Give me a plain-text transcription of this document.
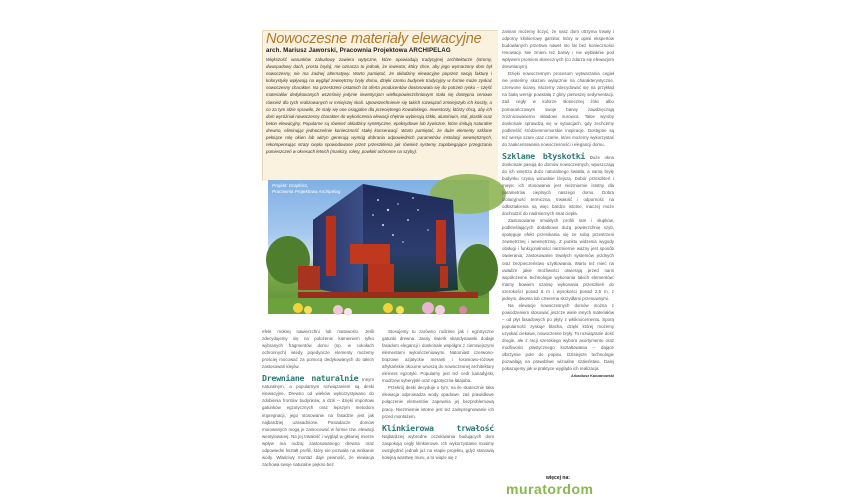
Nowoczesne materiały elewacyjne
arch. Mariusz Jaworski, Pracownia Projektowa ARCHIPELAG
Większość warunków zabudowy zawiera wytyczne, które opowiadają tradycyjnej architekturze (stromy, dwuspadowy dach, prosta bryła), nie oznacza to jednak, że inwestor, który chce, aby jego wymarzony dom był nowoczesny, nie ma żadnej alternatywy. Warto pamiętać, że okładziny elewacyjne poprzez swoją fakturę i kolorystykę wpływają na wygląd zewnętrzny bryły domu, dzięki czemu budynek tradycyjny w formie może zyskać nowoczesny charakter. Na przestrzeni ostatnich lat oferta producentów dostosowała się do potrzeb rynku – część materiałów dedykowanych wcześniej jedynie inwestycjom wielkopowierzchniowym stała się dostępna cenowo również dla tych realizowanych w mniejszej skali. Upowszechnienie się takich rozwiązań zmniejszyło ich koszty, a co za tym idzie sprawiło, że stały się one osiągalne dla przeciętnego Kowalskiego. Inwestorzy, którzy chcą, aby ich dom wyróżniał nowoczesny charakter do wykończenia elewacji chętnie wybierają szkło, aluminium, stal, plastik oraz beton elewacyjny. Popularne są również okładziny syntetyczne, epoksydowe lub żywiczne, które imitują naturalne drewno, eliminując jednocześnie konieczność stałej konserwacji. Warto pamiętać, że duże elementy szklane pełniące rolę okien lub witryn generują wymóg dobrania odpowiednich parametrów instalacji wewnętrznych, rekompensując straty ciepła spowodowane przez przeszklenia jak również systemy zapobiegające przegrzaniu pomieszczeń w okresach letnich (markizy, rolety, powłoki ochronne na szyby).
Projekt: Graphics,
Pracownia Projektowa Archipelag

efekt mokrej nawierzchni lub matowości. Jeśli zdecydujemy się na położenie kamieniem tylko wybranych fragmentów domu (np. w cokołach ochronnych) wtedy pojedyncze elementy możemy prościej mocować za pomocą dedykowanych do takich zastosowań klejów.

Drewniane naturalnie Innym naturalnym, a popularnym rozwiązaniem są deski elewacyjne. Drewno od wieków wykorzystywano do zdobienia frontów budynków, a dziś – dzięki importowi gatunków egzotycznych oraz lepszym metodom impregnacji, jego stosowanie na fasadzie jest jak najbardziej uzasadnione. Posiadacze domów murowanych mogą je zamocować w formie tzw. elewacji wentylowanej. Na jej trwałość i wygląd w głównej mierze wpływ ma rodzaj zastosowanego drewna oraz odpowiedni kształt profili, który nie pozwala na wnikanie wody. Właściwy montaż daje pewność, że elewacja zachowa swoje naturalne piękno bez

Stosujemy tu zarówno rodzime jak i egzotyczne gatunki drewna. Jasny świerk skandynawski dodaje fasadom elegancji i doskonale współgra z ciemniejszymi elementami wykończeniowymi. Natomiast czerwono-brązowe azjatyckie meranti i łososiowo-różowe afrykańskie okoume wnoszą do nowoczesnej architektury element egzotyki. Popularny jest też cedr kanadyjski, modrzew syberyjski oraz egzotyczna łatajuba.

Przekrój deski decyduje o tym, na ile skutecznie taka elewacja odprowadza wody opadowe, zaś prawidłowe połączenie elementów zapewnia jej bezproblemową pracę. Niezmiernie istotne jest też zaimpregnowanie ich przed montażem.

Klinkierowa trwałość Najbardziej wybredne oczekiwania budujących dom zaspokoją cegły klinkierowe. Ich wykorzystanie musimy uwzględnić jednak już na etapie projektu, gdyż stanowią kolejną warstwę muru, a to wiąże się z

zamian możemy liczyć, że nasz dom otrzyma trwały i odporny klinkierowy garnitur, który w opinii ekspertów budowlanych przetrwa nawet sto lat bez konieczności renowacji. Nie zmieni też barwy i nie wyblaknie pod wpływem promieni słonecznych (co zdarza się elewacjom drewnianym).

Dzięki nowoczesnym procesom wytwarzania cegieł nie jesteśmy skazani wyłącznie na charakterystyczne, czerwone ściany. Możemy zdecydować się na przykład na białą wersję powstałą z gliny pierwszej sedymentacji. Zaś cegły w kolorze słonecznej żółci albo pomarańczowym swoje barwy zawdzięczają zróżnicowanemu składowi surowca. Takie wyroby doskonale sprawdzą się w sytuacjach, gdy zechcemy podkreślić śródziemnomorskie inspiracje. Dostępne są też wersje szare oraz czarne, które możemy wykorzystać do zaakcentowania nowoczesności i elegancji domu.

Szklane błyskotki Duże okna doskonale pasują do domów nowoczesnych, wpuszczają do ich wnętrza dużo naturalnego światła, a samą bryłę budynku czynią wizualnie lżejszą. Dobór przeszkleń i miejsc ich stosowania jest niezmiernie istotny dla parametrów cieplnych naszego domu. Dobra izolacyjność termiczna, trwałość i odporność na odkształcenia są więc bardzo istotne, inaczej może dochodzić do nadmiernych strat ciepła.

Zastosowanie smukłych profili ram i słupków, podkreślających dodatkowo dużą powierzchnię szyb, spotęguje efekt przenikania się ze sobą przestrzeni zewnętrznej i wewnętrznej. Z punktu widzenia wygody obsługi i funkcjonalności niezmiernie ważny jest sposób otwierania, zastosowanie trwałych systemów jezdnych oraz bezpieczeństwo użytkowania. Warto też mieć na uwadze jakie możliwości otwierają przed nami współczesne technologie wykonania takich elementów: mamy bowiem szansę wykonania przeszkleń do szerokości ponad 6 m i wysokości ponad 2,5 m, z jednym, dwoma lub czterema skrzydłami przesuwnymi.

Na elewacje nowoczesnych domów można z powodzeniem stosować jeszcze wiele innych materiałów – od płyt fasadowych po płyty z włóknocementu. Sporą popularność zyskuje blacha, dzięki której możemy uzyskać ciekawe, nowoczesne bryły. To rozwiązanie dość drogie, ale z racji szerokiego wyboru asortymentu oraz możliwości plastycznego kształtowania – dające olbrzymie pole do popisu. Dzisiejsze technologie pozwalają na prawdziwe wizualne szaleństwo. Dalej pokazujemy jak w praktyce wygląda ich realizacja.

Arkadiusz Kaczanowski
więcej na:
muratordom
